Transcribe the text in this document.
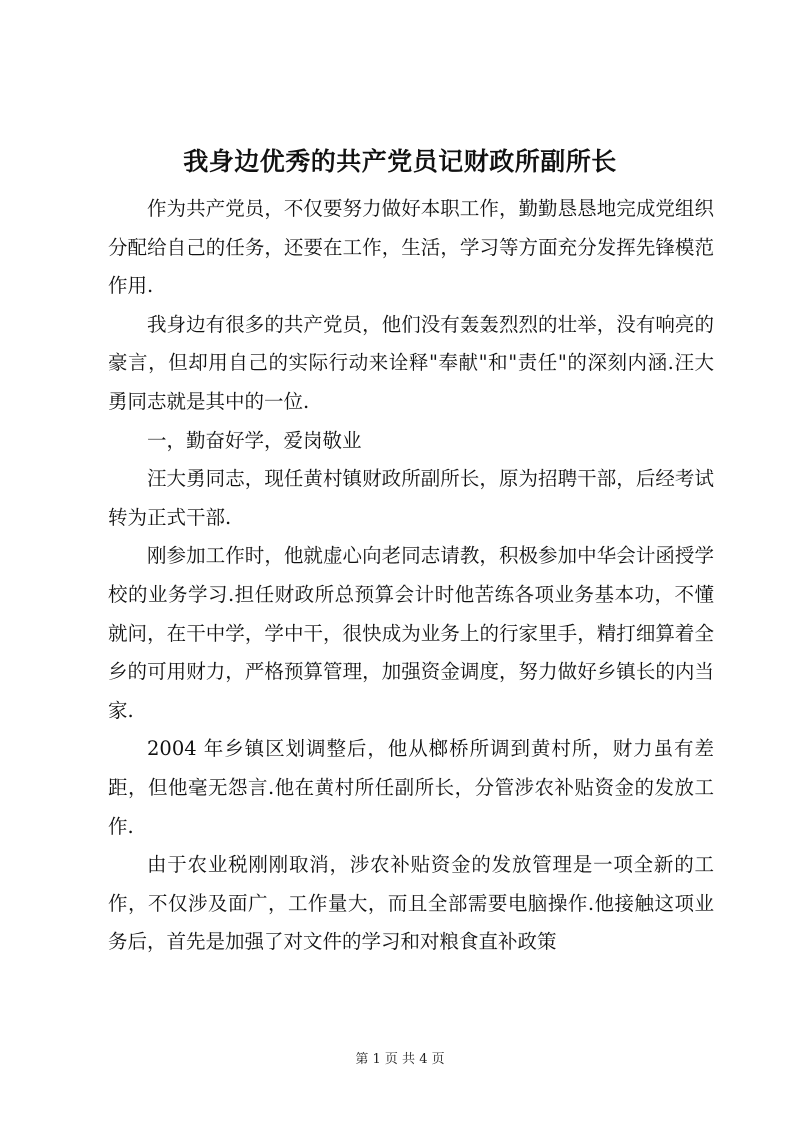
我身边优秀的共产党员记财政所副所长

作为共产党员，不仅要努力做好本职工作，勤勤恳恳地完成党组织分配给自己的任务，还要在工作，生活，学习等方面充分发挥先锋模范作用.

我身边有很多的共产党员，他们没有轰轰烈烈的壮举，没有响亮的豪言，但却用自己的实际行动来诠释"奉献"和"责任"的深刻内涵.汪大勇同志就是其中的一位.

一，勤奋好学，爱岗敬业

汪大勇同志，现任黄村镇财政所副所长，原为招聘干部，后经考试转为正式干部.

刚参加工作时，他就虚心向老同志请教，积极参加中华会计函授学校的业务学习.担任财政所总预算会计时他苦练各项业务基本功，不懂就问，在干中学，学中干，很快成为业务上的行家里手，精打细算着全乡的可用财力，严格预算管理，加强资金调度，努力做好乡镇长的内当家.

2004 年乡镇区划调整后，他从榔桥所调到黄村所，财力虽有差距，但他毫无怨言.他在黄村所任副所长，分管涉农补贴资金的发放工作.

由于农业税刚刚取消，涉农补贴资金的发放管理是一项全新的工作，不仅涉及面广，工作量大，而且全部需要电脑操作.他接触这项业务后，首先是加强了对文件的学习和对粮食直补政策

第 1 页 共 4 页
